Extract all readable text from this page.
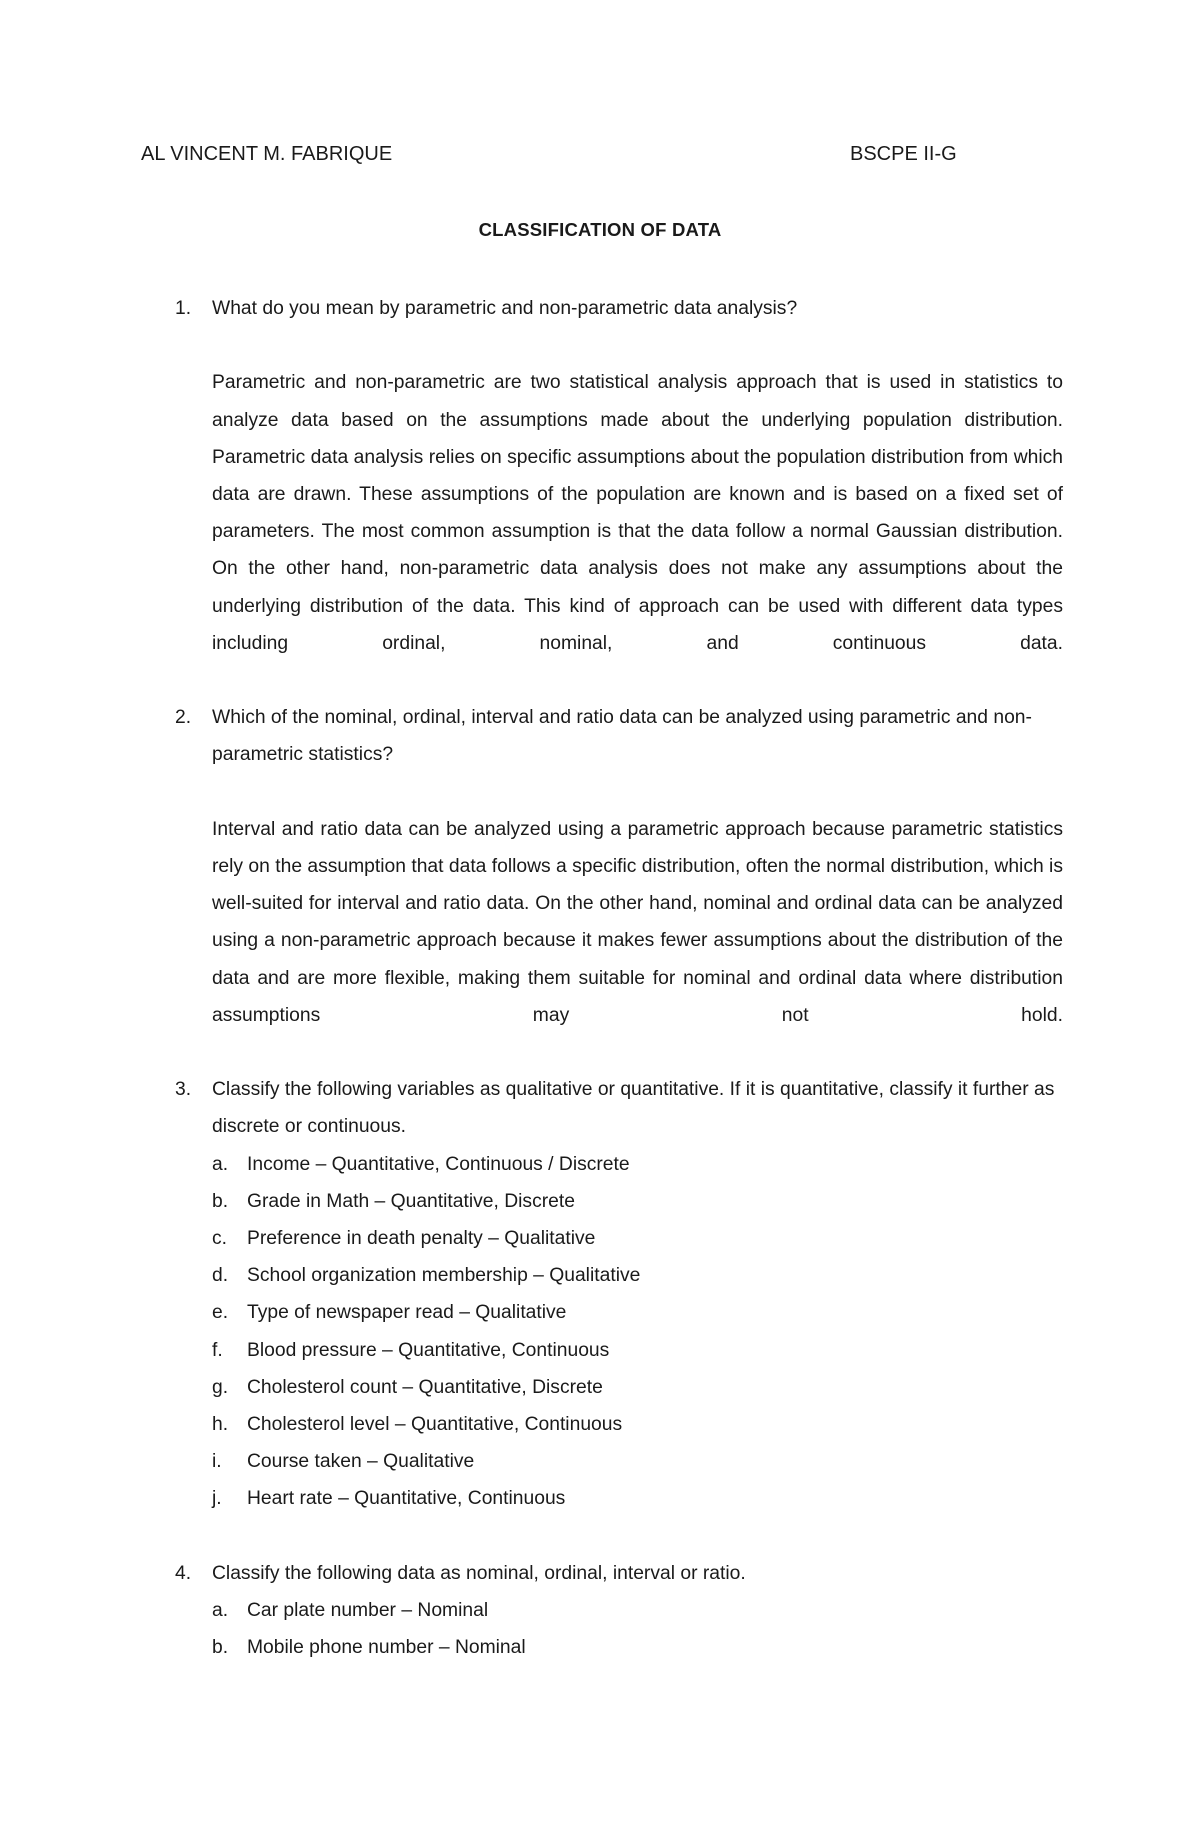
AL VINCENT M. FABRIQUE	BSCPE II-G
CLASSIFICATION OF DATA
1. What do you mean by parametric and non-parametric data analysis?
Parametric and non-parametric are two statistical analysis approach that is used in statistics to analyze data based on the assumptions made about the underlying population distribution. Parametric data analysis relies on specific assumptions about the population distribution from which data are drawn. These assumptions of the population are known and is based on a fixed set of parameters. The most common assumption is that the data follow a normal Gaussian distribution. On the other hand, non-parametric data analysis does not make any assumptions about the underlying distribution of the data. This kind of approach can be used with different data types including ordinal, nominal, and continuous data.
2. Which of the nominal, ordinal, interval and ratio data can be analyzed using parametric and non-parametric statistics?
Interval and ratio data can be analyzed using a parametric approach because parametric statistics rely on the assumption that data follows a specific distribution, often the normal distribution, which is well-suited for interval and ratio data. On the other hand, nominal and ordinal data can be analyzed using a non-parametric approach because it makes fewer assumptions about the distribution of the data and are more flexible, making them suitable for nominal and ordinal data where distribution assumptions may not hold.
3. Classify the following variables as qualitative or quantitative. If it is quantitative, classify it further as discrete or continuous.
a. Income – Quantitative, Continuous / Discrete
b. Grade in Math – Quantitative, Discrete
c. Preference in death penalty – Qualitative
d. School organization membership – Qualitative
e. Type of newspaper read – Qualitative
f. Blood pressure – Quantitative, Continuous
g. Cholesterol count – Quantitative, Discrete
h. Cholesterol level – Quantitative, Continuous
i. Course taken – Qualitative
j. Heart rate – Quantitative, Continuous
4. Classify the following data as nominal, ordinal, interval or ratio.
a. Car plate number – Nominal
b. Mobile phone number – Nominal
